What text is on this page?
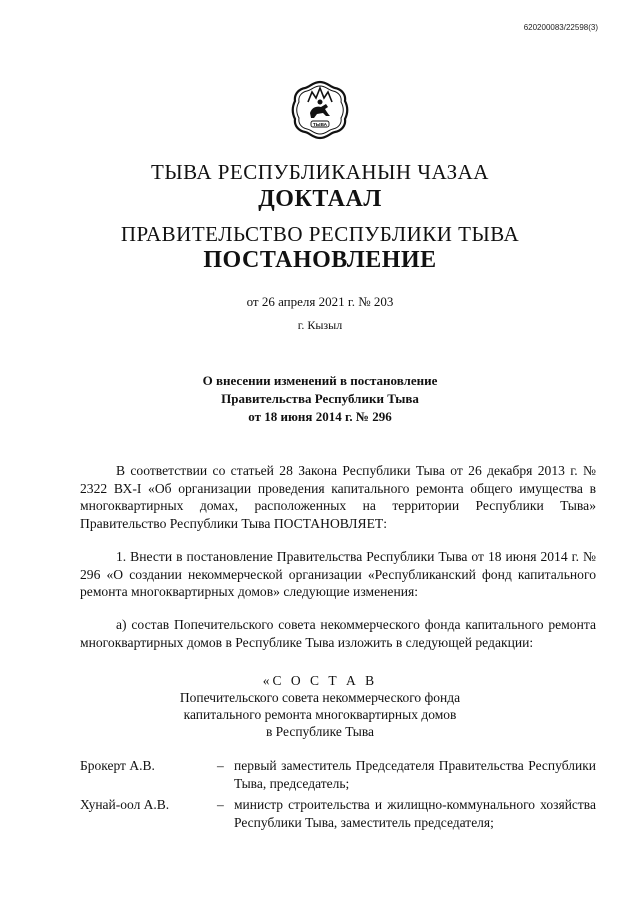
620200083/22598(3)
ТЫВА
ТЫВА РЕСПУБЛИКАНЫН ЧАЗАА
ДОКТААЛ
ПРАВИТЕЛЬСТВО РЕСПУБЛИКИ ТЫВА
ПОСТАНОВЛЕНИЕ
от 26 апреля 2021 г. № 203
г. Кызыл
О внесении изменений в постановление
Правительства Республики Тыва
от 18 июня 2014 г. № 296

В соответствии со статьей 28 Закона Республики Тыва от 26 декабря 2013 г. № 2322 ВХ-I «Об организации проведения капитального ремонта общего имущества в многоквартирных домах, расположенных на территории Республики Тыва» Правительство Республики Тыва ПОСТАНОВЛЯЕТ:

1. Внести в постановление Правительства Республики Тыва от 18 июня 2014 г. № 296 «О создании некоммерческой организации «Республиканский фонд капитального ремонта многоквартирных домов» следующие изменения:

а) состав Попечительского совета некоммерческого фонда капитального ремонта многоквартирных домов в Республике Тыва изложить в следующей редакции:

«С О С Т А В
Попечительского совета некоммерческого фонда
капитального ремонта многоквартирных домов
в Республике Тыва
Брокерт А.В.	– первый заместитель Председателя Правительства Республики Тыва, председатель;
Хунай-оол А.В.	– министр строительства и жилищно-коммунального хозяйства Республики Тыва, заместитель председателя;
